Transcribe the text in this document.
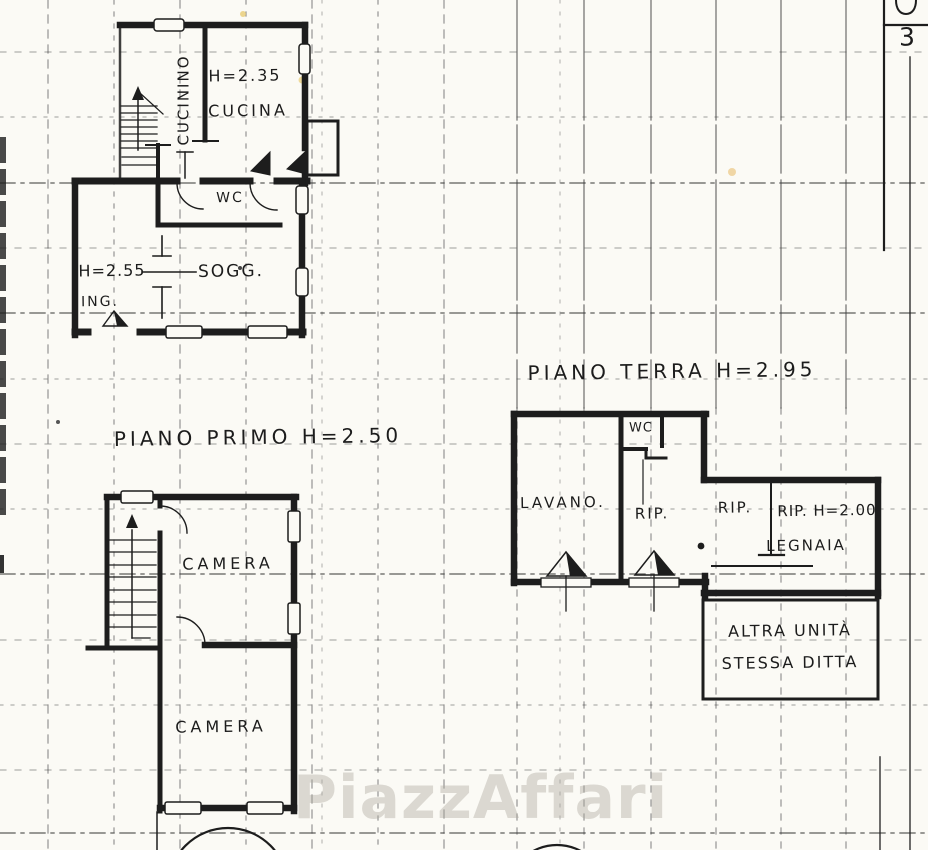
CUCININO H=2.35
CUCINA
WC
H=2.55	SOGG.
ING.
PIANO PRIMO H=2.50
CAMERA
CAMERA
PIANO TERRA H=2.95
LAVANO.
WC
RIP.	RIP. RIP. H=2.00
LEGNAIA
ALTRA UNITÀ
STESSA DITTA
3
PiazzAffari
